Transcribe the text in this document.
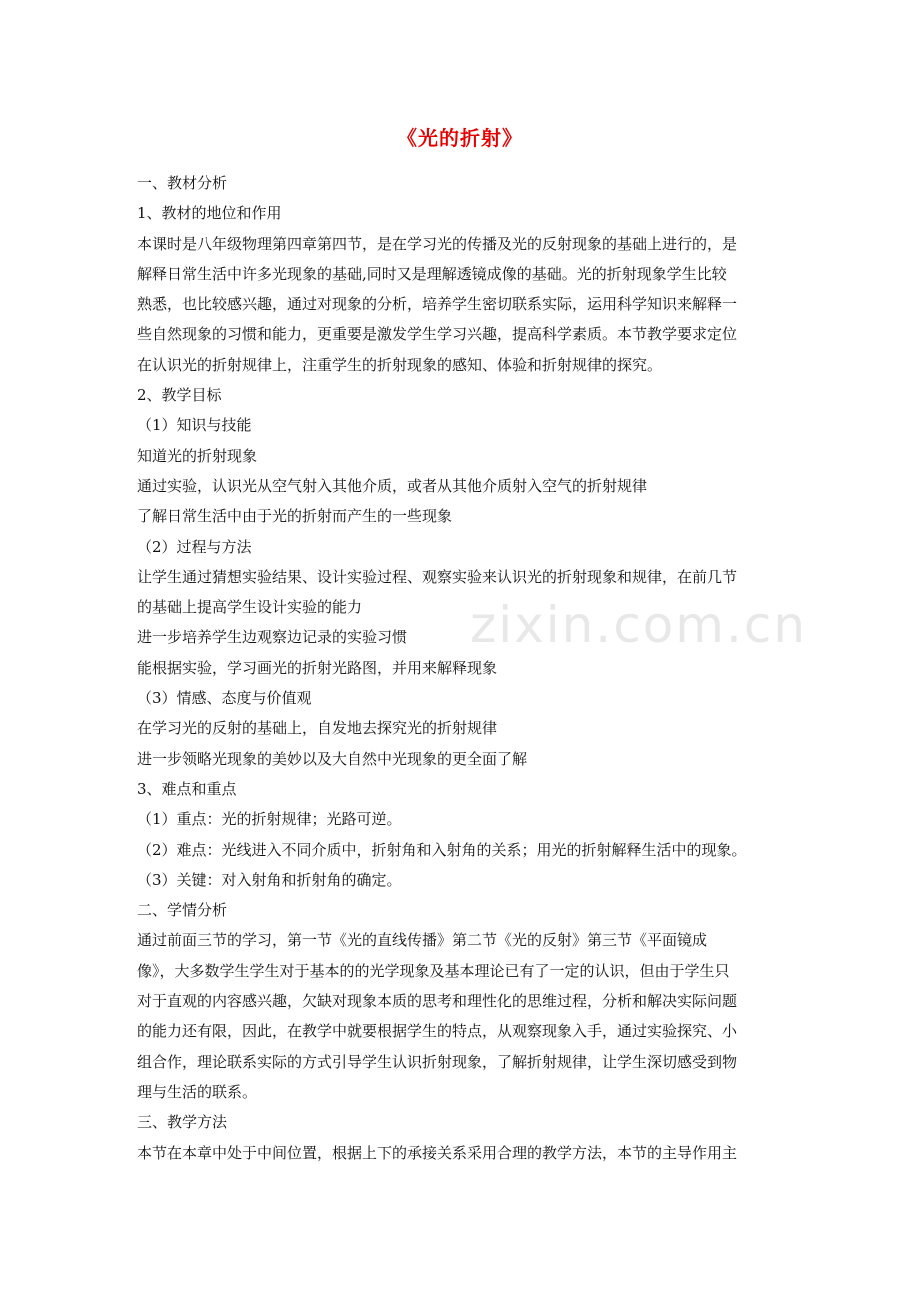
《光的折射》

一、教材分析

1、教材的地位和作用

本课时是八年级物理第四章第四节，是在学习光的传播及光的反射现象的基础上进行的，是

解释日常生活中许多光现象的基础,同时又是理解透镜成像的基础。光的折射现象学生比较

熟悉，也比较感兴趣，通过对现象的分析，培养学生密切联系实际，运用科学知识来解释一

些自然现象的习惯和能力，更重要是激发学生学习兴趣，提高科学素质。本节教学要求定位

在认识光的折射规律上，注重学生的折射现象的感知、体验和折射规律的探究。

2、教学目标

（1）知识与技能

知道光的折射现象

通过实验，认识光从空气射入其他介质，或者从其他介质射入空气的折射规律

了解日常生活中由于光的折射而产生的一些现象

（2）过程与方法

让学生通过猜想实验结果、设计实验过程、观察实验来认识光的折射现象和规律，在前几节

的基础上提高学生设计实验的能力

进一步培养学生边观察边记录的实验习惯

能根据实验，学习画光的折射光路图，并用来解释现象

（3）情感、态度与价值观

在学习光的反射的基础上，自发地去探究光的折射规律

进一步领略光现象的美妙以及大自然中光现象的更全面了解

3、难点和重点

（1）重点：光的折射规律；光路可逆。

（2）难点：光线进入不同介质中，折射角和入射角的关系；用光的折射解释生活中的现象。

（3）关键：对入射角和折射角的确定。

二、学情分析

通过前面三节的学习，第一节《光的直线传播》第二节《光的反射》第三节《平面镜成

像》，大多数学生学生对于基本的的光学现象及基本理论已有了一定的认识，但由于学生只

对于直观的内容感兴趣，欠缺对现象本质的思考和理性化的思维过程，分析和解决实际问题

的能力还有限，因此，在教学中就要根据学生的特点，从观察现象入手，通过实验探究、小

组合作，理论联系实际的方式引导学生认识折射现象，了解折射规律，让学生深切感受到物

理与生活的联系。

三、教学方法

本节在本章中处于中间位置，根据上下的承接关系采用合理的教学方法，本节的主导作用主

zixin.com.cn
